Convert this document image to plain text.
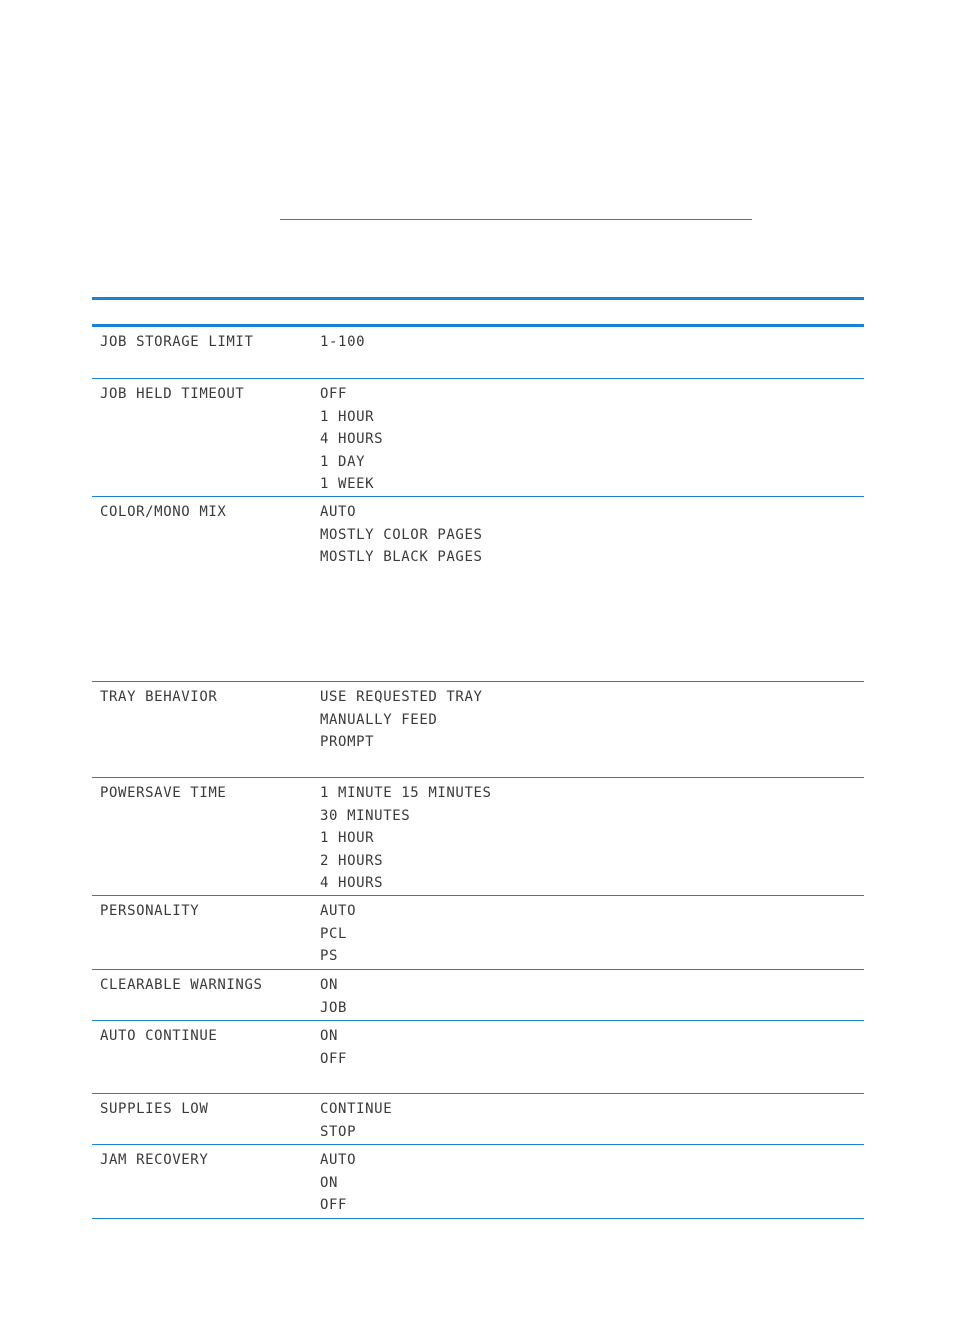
JOB STORAGE LIMIT	1-100
JOB HELD TIMEOUT	OFF
1 HOUR
4 HOURS
1 DAY
1 WEEK
COLOR/MONO MIX	AUTO
MOSTLY COLOR PAGES
MOSTLY BLACK PAGES
TRAY BEHAVIOR	USE REQUESTED TRAY
MANUALLY FEED
PROMPT
POWERSAVE TIME	1 MINUTE 15 MINUTES
30 MINUTES
1 HOUR
2 HOURS
4 HOURS
PERSONALITY	AUTO
PCL
PS
CLEARABLE WARNINGS	ON
JOB
AUTO CONTINUE	ON
OFF
SUPPLIES LOW	CONTINUE
STOP
JAM RECOVERY	AUTO
ON
OFF
